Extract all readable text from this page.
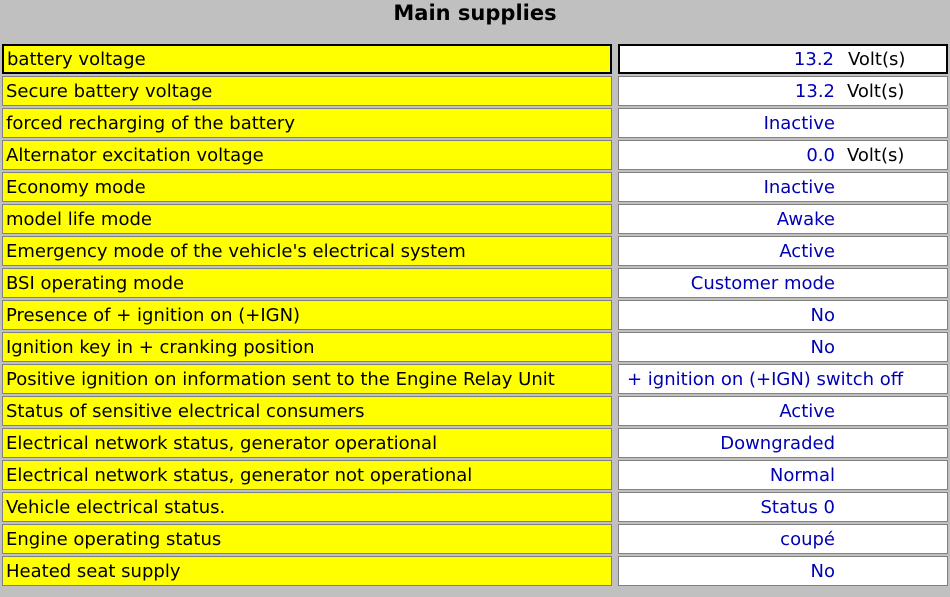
Main supplies
battery voltage	13.2 Volt(s)
Secure battery voltage	13.2 Volt(s)
forced recharging of the battery	Inactive
Alternator excitation voltage	0.0 Volt(s)
Economy mode	Inactive
model life mode	Awake
Emergency mode of the vehicle's electrical system	Active
BSI operating mode	Customer mode
Presence of + ignition on (+IGN)	No
Ignition key in + cranking position	No
Positive ignition on information sent to the Engine Relay Unit	+ ignition on (+IGN) switch off
Status of sensitive electrical consumers	Active
Electrical network status, generator operational	Downgraded
Electrical network status, generator not operational	Normal
Vehicle electrical status.	Status 0
Engine operating status	coupé
Heated seat supply	No
